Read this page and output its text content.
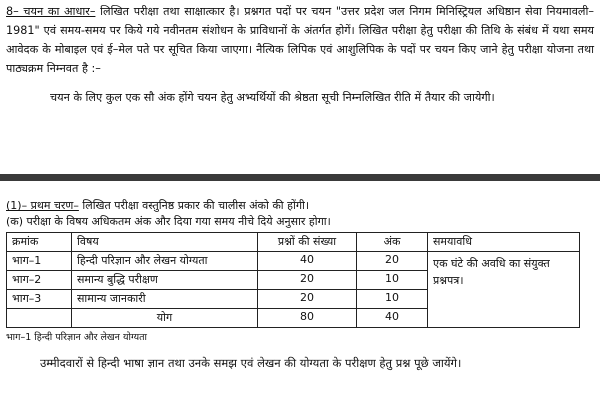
8– चयन का आधार– लिखित परीक्षा तथा साक्षात्कार है। प्रश्नगत पदों पर चयन "उत्तर प्रदेश जल निगम मिनिस्ट्रियल अधिष्ठान सेवा नियमावली–1981" एवं समय-समय पर किये गये नवीनतम संशोधन के प्राविधानों के अंतर्गत होगें। लिखित परीक्षा हेतु परीक्षा की तिथि के संबंध में यथा समय आवेदक के मोबाइल एवं ई–मेल पते पर सूचित किया जाएगा। नैत्यिक लिपिक एवं आशुलिपिक के पदों पर चयन किए जाने हेतु परीक्षा योजना तथा पाठ्यक्रम निम्नवत है :–

चयन के लिए कुल एक सौ अंक होंगे चयन हेतु अभ्यर्थियों की श्रेष्ठता सूची निम्नलिखित रीति में तैयार की जायेगी।

(1)– प्रथम चरण– लिखित परीक्षा वस्तुनिष्ठ प्रकार की चालीस अंको की होंगी।

(क) परीक्षा के विषय अधिकतम अंक और दिया गया समय नीचे दिये अनुसार होगा।

क्रमांक	विषय	प्रश्नों की संख्या	अंक	समयावधि
भाग–1	हिन्दी परिज्ञान और लेखन योग्यता	40	20	एक घंटे की अवधि का संयुक्त प्रश्नपत्र।
भाग–2	समान्य बुद्धि परीक्षण	20	10	
भाग–3	सामान्य जानकारी	20	10	
	योग	80	40	

भाग–1 हिन्दी परिज्ञान और लेखन योग्यता

उम्मीदवारों से हिन्दी भाषा ज्ञान तथा उनके समझ एवं लेखन की योग्यता के परीक्षण हेतु प्रश्न पूछे जायेंगे।
